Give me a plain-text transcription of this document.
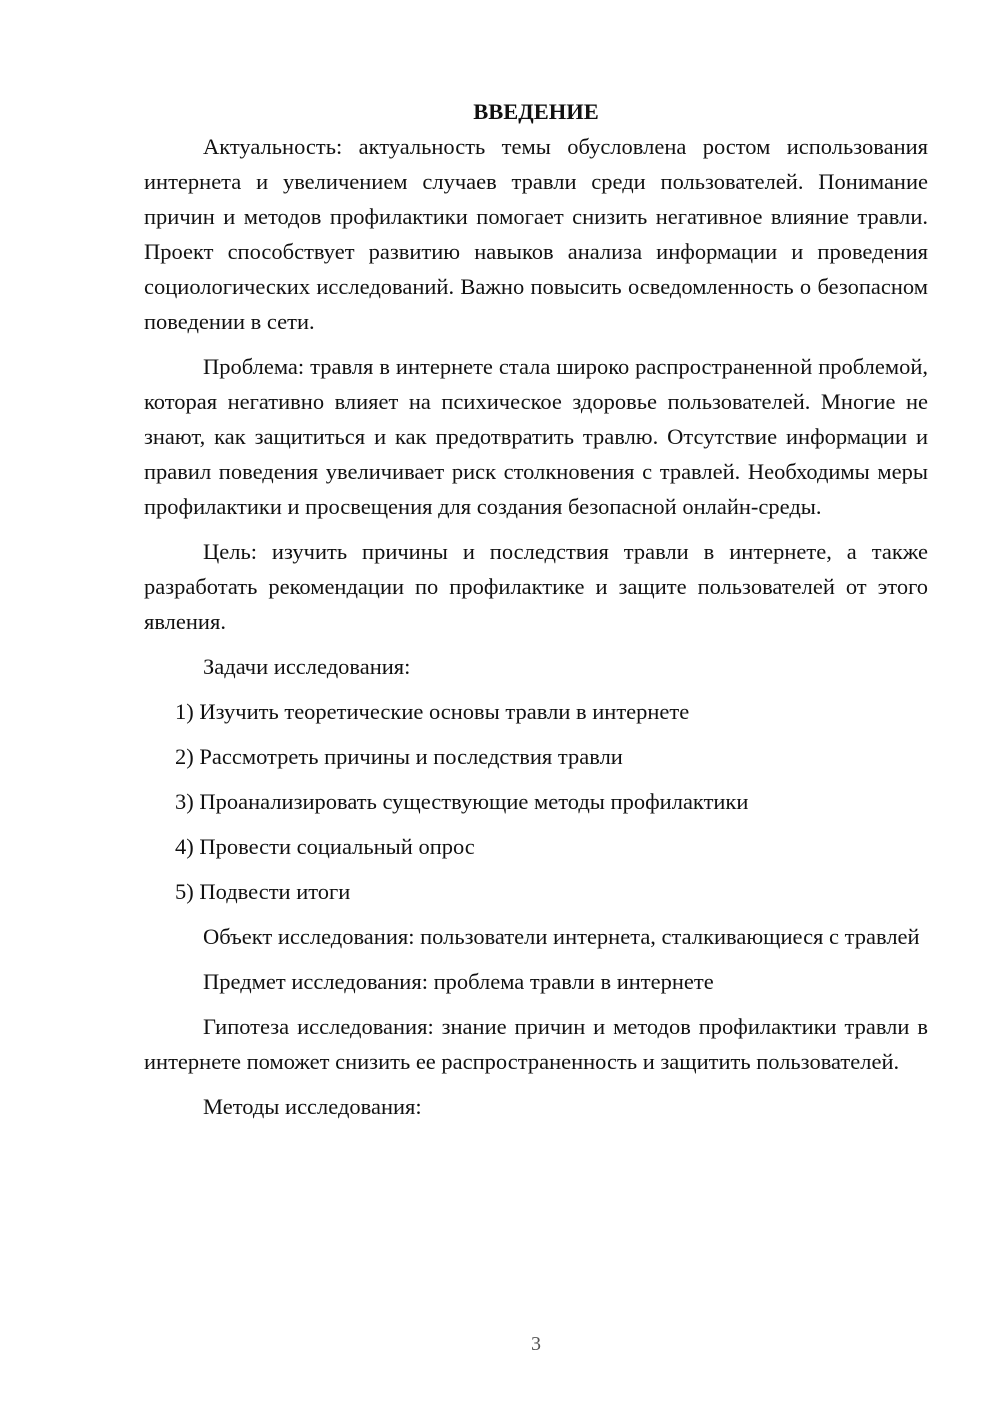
ВВЕДЕНИЕ

Актуальность: актуальность темы обусловлена ростом использования интернета и увеличением случаев травли среди пользователей. Понимание причин и методов профилактики помогает снизить негативное влияние травли. Проект способствует развитию навыков анализа информации и проведения социологических исследований. Важно повысить осведомленность о безопасном поведении в сети.

Проблема: травля в интернете стала широко распространенной проблемой, которая негативно влияет на психическое здоровье пользователей. Многие не знают, как защититься и как предотвратить травлю. Отсутствие информации и правил поведения увеличивает риск столкновения с травлей. Необходимы меры профилактики и просвещения для создания безопасной онлайн-среды.

Цель: изучить причины и последствия травли в интернете, а также разработать рекомендации по профилактике и защите пользователей от этого явления.

Задачи исследования:

1) Изучить теоретические основы травли в интернете

2) Рассмотреть причины и последствия травли

3) Проанализировать существующие методы профилактики

4) Провести социальный опрос

5) Подвести итоги

Объект исследования: пользователи интернета, сталкивающиеся с травлей

Предмет исследования: проблема травли в интернете

Гипотеза исследования: знание причин и методов профилактики травли в интернете поможет снизить ее распространенность и защитить пользователей.

Методы исследования:

3
